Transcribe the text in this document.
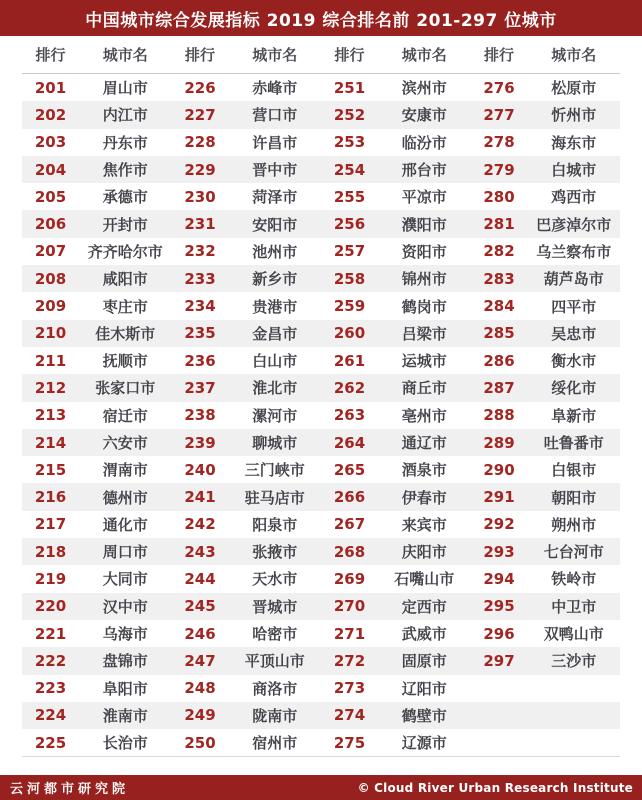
中国城市综合发展指标 2019 综合排名前 201-297 位城市
排行	城市名	排行	城市名	排行	城市名	排行	城市名
201	眉山市	226	赤峰市	251	滨州市	276	松原市
202	内江市	227	营口市	252	安康市	277	忻州市
203	丹东市	228	许昌市	253	临汾市	278	海东市
204	焦作市	229	晋中市	254	邢台市	279	白城市
205	承德市	230	菏泽市	255	平凉市	280	鸡西市
206	开封市	231	安阳市	256	濮阳市	281	巴彦淖尔市
207	齐齐哈尔市	232	池州市	257	资阳市	282	乌兰察布市
208	咸阳市	233	新乡市	258	锦州市	283	葫芦岛市
209	枣庄市	234	贵港市	259	鹤岗市	284	四平市
210	佳木斯市	235	金昌市	260	吕梁市	285	吴忠市
211	抚顺市	236	白山市	261	运城市	286	衡水市
212	张家口市	237	淮北市	262	商丘市	287	绥化市
213	宿迁市	238	漯河市	263	亳州市	288	阜新市
214	六安市	239	聊城市	264	通辽市	289	吐鲁番市
215	渭南市	240	三门峡市	265	酒泉市	290	白银市
216	德州市	241	驻马店市	266	伊春市	291	朝阳市
217	通化市	242	阳泉市	267	来宾市	292	朔州市
218	周口市	243	张掖市	268	庆阳市	293	七台河市
219	大同市	244	天水市	269	石嘴山市	294	铁岭市
220	汉中市	245	晋城市	270	定西市	295	中卫市
221	乌海市	246	哈密市	271	武威市	296	双鸭山市
222	盘锦市	247	平顶山市	272	固原市	297	三沙市
223	阜阳市	248	商洛市	273	辽阳市		
224	淮南市	249	陇南市	274	鹤壁市		
225	长治市	250	宿州市	275	辽源市		
云河都市研究院	© Cloud River Urban Research Institute
